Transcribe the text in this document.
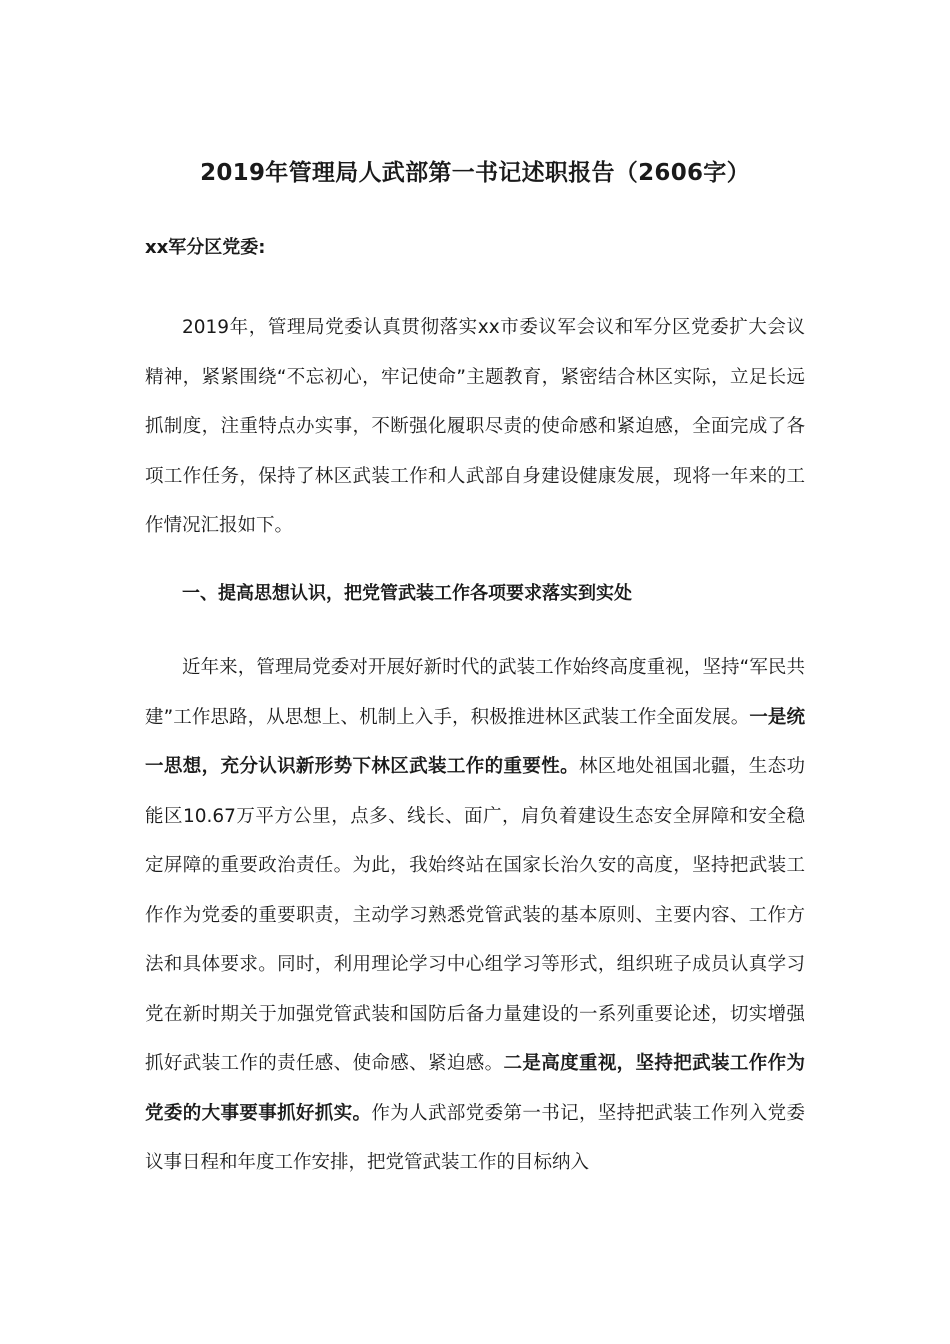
2019年管理局人武部第一书记述职报告（2606字）

xx军分区党委:

2019年，管理局党委认真贯彻落实xx市委议军会议和军分区党委扩大会议精神，紧紧围绕“不忘初心，牢记使命”主题教育，紧密结合林区实际，立足长远抓制度，注重特点办实事，不断强化履职尽责的使命感和紧迫感，全面完成了各项工作任务，保持了林区武装工作和人武部自身建设健康发展，现将一年来的工作情况汇报如下。

一、提高思想认识，把党管武装工作各项要求落实到实处

近年来，管理局党委对开展好新时代的武装工作始终高度重视，坚持“军民共建”工作思路，从思想上、机制上入手，积极推进林区武装工作全面发展。一是统一思想，充分认识新形势下林区武装工作的重要性。林区地处祖国北疆，生态功能区10.67万平方公里，点多、线长、面广，肩负着建设生态安全屏障和安全稳定屏障的重要政治责任。为此，我始终站在国家长治久安的高度，坚持把武装工作作为党委的重要职责，主动学习熟悉党管武装的基本原则、主要内容、工作方法和具体要求。同时，利用理论学习中心组学习等形式，组织班子成员认真学习党在新时期关于加强党管武装和国防后备力量建设的一系列重要论述，切实增强抓好武装工作的责任感、使命感、紧迫感。二是高度重视，坚持把武装工作作为党委的大事要事抓好抓实。作为人武部党委第一书记，坚持把武装工作列入党委议事日程和年度工作安排，把党管武装工作的目标纳入
